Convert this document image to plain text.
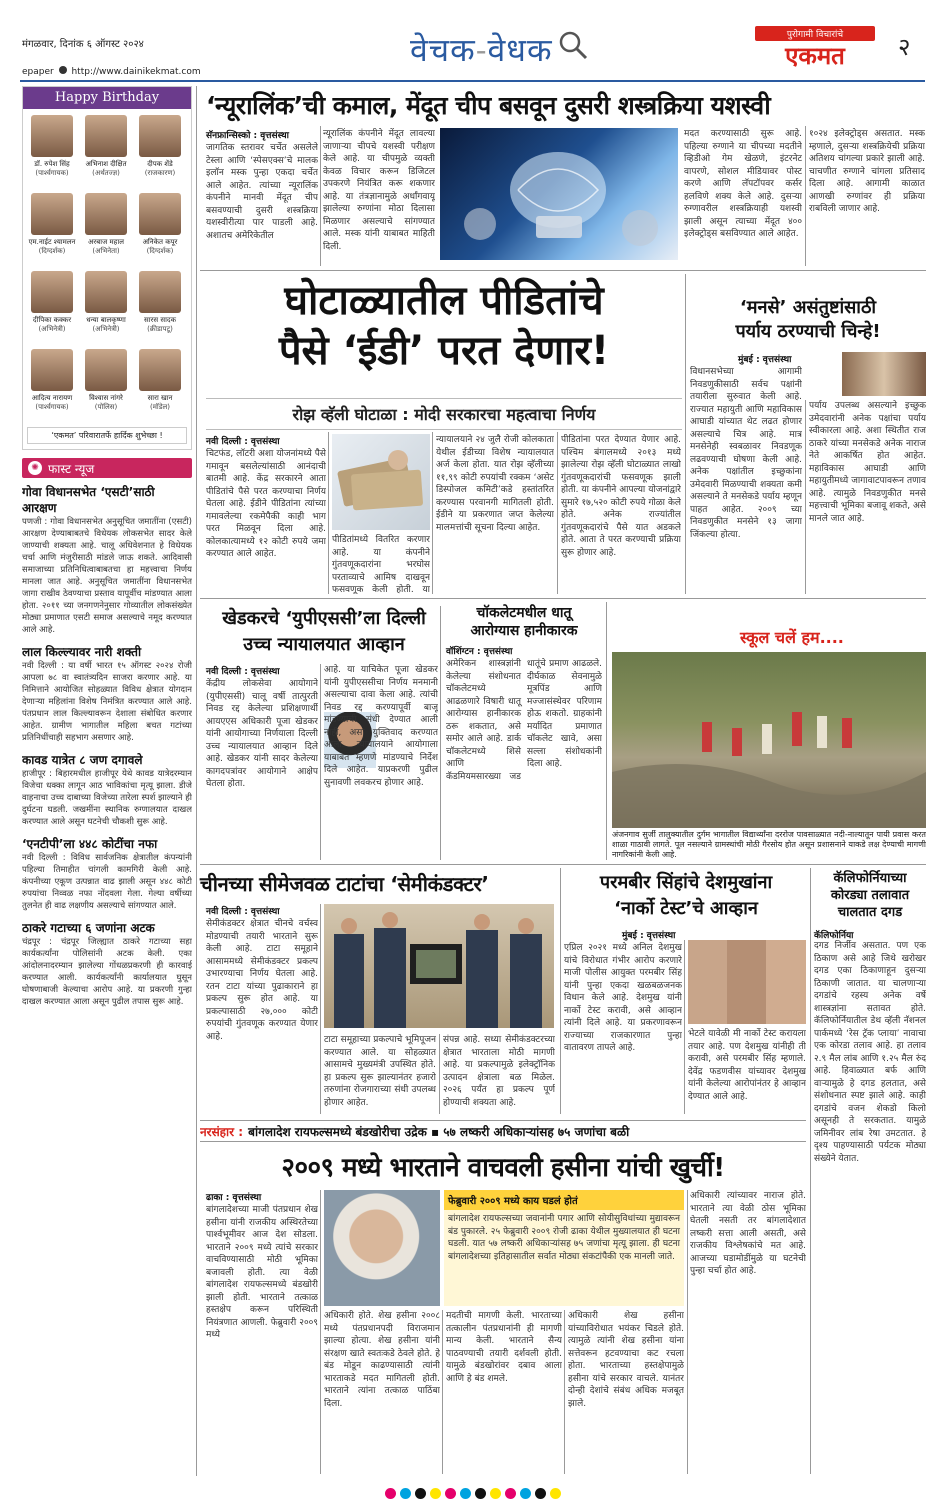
मंगळवार, दिनांक ६ ऑगस्ट २०२४
epaper http://www.dainikekmat.com
वेचक-वेधक	पुरोगामी विचारांचे
एकमत	२
Happy Birthday
डॉ. रुपेश सिंह
(पार्श्वगायक)
अभिनाश दीक्षित
(अर्थतज्ज्ञ)
दीपक शेंडे
(राजकारण)
एम.नाईट श्यामलन
(दिग्दर्शक)
अरबाज महाल
(अभिनेता)
अनिकेत कपूर
(दिग्दर्शक)
दीपिका कक्कर
(अभिनेत्री)
धन्या बालकृष्णा
(अभिनेत्री)
सारस सादक
(क्रीडापटू)
आदित्य नारायण
(पार्श्वगायक)
विश्वास नांगरे
(पोलिस)
सारा खान
(मॉडेल)
‘एकमत’ परिवारातर्फे हार्दिक शुभेच्छा !
✺ फास्ट न्यूज
गोवा विधानसभेत ‘एसटी’साठी आरक्षण
पणजी : गोवा विधानसभेत अनुसूचित जमातींना (एसटी) आरक्षण देण्याबाबतचे विधेयक लोकसभेत सादर केले जाण्याची शक्यता आहे. चालू अधिवेशनात हे विधेयक चर्चा आणि मंजुरीसाठी मांडले जाऊ शकते. आदिवासी समाजाच्या प्रतिनिधित्वाबाबतचा हा महत्त्वाचा निर्णय मानला जात आहे. अनुसूचित जमातींना विधानसभेत जागा राखीव ठेवण्याचा प्रस्ताव यापूर्वीच मांडण्यात आला होता. २०११ च्या जनगणनेनुसार गोव्यातील लोकसंख्येत मोठ्या प्रमाणात एसटी समाज असल्याचे नमूद करण्यात आले आहे.
लाल किल्ल्यावर नारी शक्ती
नवी दिल्ली : या वर्षी भारत १५ ऑगस्ट २०२४ रोजी आपला ७८ वा स्वातंत्र्यदिन साजरा करणार आहे. या निमित्ताने आयोजित सोहळ्यात विविध क्षेत्रात योगदान देणाऱ्या महिलांना विशेष निमंत्रित करण्यात आले आहे. पंतप्रधान लाल किल्ल्यावरून देशाला संबोधित करणार आहेत. ग्रामीण भागातील महिला बचत गटांच्या प्रतिनिधींचाही सहभाग असणार आहे.
कावड यात्रेत ८ जण दगावले
हाजीपूर : बिहारमधील हाजीपूर येथे कावड यात्रेदरम्यान विजेचा धक्का लागून आठ भाविकांचा मृत्यू झाला. डीजे वाहनाचा उच्च दाबाच्या विजेच्या तारेला स्पर्श झाल्याने ही दुर्घटना घडली. जखमींना स्थानिक रुग्णालयात दाखल करण्यात आले असून घटनेची चौकशी सुरू आहे.
‘एनटीपी’ला ४४८ कोटींचा नफा
नवी दिल्ली : विविध सार्वजनिक क्षेत्रातील कंपन्यांनी पहिल्या तिमाहीत चांगली कामगिरी केली आहे. कंपनीच्या एकूण उत्पन्नात वाढ झाली असून ४४८ कोटी रुपयांचा निव्वळ नफा नोंदवला गेला. गेल्या वर्षीच्या तुलनेत ही वाढ लक्षणीय असल्याचे सांगण्यात आले.
ठाकरे गटाच्या ६ जणांना अटक
चंद्रपूर : चंद्रपूर जिल्ह्यात ठाकरे गटाच्या सहा कार्यकर्त्यांना पोलिसांनी अटक केली. एका आंदोलनादरम्यान झालेल्या गोंधळप्रकरणी ही कारवाई करण्यात आली. कार्यकर्त्यांनी कार्यालयात घुसून घोषणाबाजी केल्याचा आरोप आहे. या प्रकरणी गुन्हा दाखल करण्यात आला असून पुढील तपास सुरू आहे.
‘न्यूरालिंक’ची कमाल, मेंदूत चीप बसवून दुसरी शस्त्रक्रिया यशस्वी
सॅनफ्रान्सिस्को : वृत्तसंस्था
जागतिक स्तरावर चर्चेत असलेले टेस्ला आणि ‘स्पेसएक्स’चे मालक इलॉन मस्क पुन्हा एकदा चर्चेत आले आहेत. त्यांच्या न्यूरालिंक कंपनीने मानवी मेंदूत चीप बसवण्याची दुसरी शस्त्रक्रिया यशस्वीरीत्या पार पाडली आहे. अशातच अमेरिकेतील
न्यूरालिंक कंपनीने मेंदूत लावल्या जाणाऱ्या चीपचे यशस्वी परीक्षण केले आहे. या चीपमुळे व्यक्ती केवळ विचार करून डिजिटल उपकरणे नियंत्रित करू शकणार आहे. या तंत्रज्ञानामुळे अर्धांगवायू झालेल्या रुग्णांना मोठा दिलासा मिळणार असल्याचे सांगण्यात आले. मस्क यांनी याबाबत माहिती दिली.
मदत करण्यासाठी सुरू आहे. पहिल्या रुग्णाने या चीपच्या मदतीने व्हिडीओ गेम खेळणे, इंटरनेट वापरणे, सोशल मीडियावर पोस्ट करणे आणि लॅपटॉपवर कर्सर हलविणे शक्य केले आहे. दुसऱ्या रुग्णावरील शस्त्रक्रियाही यशस्वी झाली असून त्याच्या मेंदूत ४०० इलेक्ट्रोड्‌स बसविण्यात आले आहेत.
१०२४ इलेक्ट्रोड्‌स असतात. मस्क म्हणाले, दुसऱ्या शस्त्रक्रियेची प्रक्रिया अतिशय चांगल्या प्रकारे झाली आहे. चाचणीत रुग्णाने चांगला प्रतिसाद दिला आहे. आगामी काळात आणखी रुग्णांवर ही प्रक्रिया राबविली जाणार आहे.
घोटाळ्यातील पीडितांचे
पैसे ‘ईडी’ परत देणार!
रोझ व्हॅली घोटाळा : मोदी सरकारचा महत्वाचा निर्णय
नवी दिल्ली : वृत्तसंस्था
चिटफंड, लॉटरी अशा योजनांमध्ये पैसे गमावून बसलेल्यांसाठी आनंदाची बातमी आहे. केंद्र सरकारने आता पीडितांचे पैसे परत करण्याचा निर्णय घेतला आहे. ईडीने पीडितांना त्यांच्या गमावलेल्या रकमेपैकी काही भाग परत मिळवून दिला आहे. कोलकात्यामध्ये १२ कोटी रुपये जमा करण्यात आले आहेत.
पीडितांमध्ये वितरित करणार आहे. या कंपनीने गुंतवणूकदारांना भरघोस परताव्याचे आमिष दाखवून फसवणूक केली होती. या
न्यायालयाने २४ जुलै रोजी कोलकाता येथील ईडीच्या विशेष न्यायालयात अर्ज केला होता. यात रोझ व्हॅलीच्या ११,९९ कोटी रुपयांची रक्कम ‘असेट डिस्पोजल कमिटी’कडे हस्तांतरित करण्यास परवानगी मागितली होती. ईडीने या प्रकरणात जप्त केलेल्या मालमत्तांची सूचना दिल्या आहेत.
पीडितांना परत देण्यात येणार आहे. पश्चिम बंगालमध्ये २०१३ मध्ये झालेल्या रोझ व्हॅली घोटाळ्यात लाखो गुंतवणूकदारांची फसवणूक झाली होती. या कंपनीने आपल्या योजनांद्वारे सुमारे १७,५२० कोटी रुपये गोळा केले होते. अनेक राज्यांतील गुंतवणूकदारांचे पैसे यात अडकले होते. आता ते परत करण्याची प्रक्रिया सुरू होणार आहे.
‘मनसे’ असंतुष्टांसाठी
पर्याय ठरण्याची चिन्हे!
मुंबई : वृत्तसंस्था
विधानसभेच्या आगामी निवडणुकीसाठी सर्वच पक्षांनी तयारीला सुरुवात केली आहे. राज्यात महायुती आणि महाविकास आघाडी यांच्यात थेट लढत होणार असल्याचे चित्र आहे. मात्र मनसेनेही स्वबळावर निवडणूक लढवण्याची घोषणा केली आहे. अनेक पक्षांतील इच्छुकांना उमेदवारी मिळण्याची शक्यता कमी असल्याने ते मनसेकडे पर्याय म्हणून पाहत आहेत. २००९ च्या निवडणुकीत मनसेने १३ जागा जिंकल्या होत्या.
पर्याय उपलब्ध असल्याने इच्छुक उमेदवारांनी अनेक पक्षांचा पर्याय स्वीकारला आहे. अशा स्थितीत राज ठाकरे यांच्या मनसेकडे अनेक नाराज नेते आकर्षित होत आहेत. महाविकास आघाडी आणि महायुतीमध्ये जागावाटपावरून तणाव आहे. त्यामुळे निवडणुकीत मनसे महत्त्वाची भूमिका बजावू शकते, असे मानले जात आहे.
खेडकरचे ‘युपीएससी’ला दिल्ली
उच्च न्यायालयात आव्हान
नवी दिल्ली : वृत्तसंस्था
केंद्रीय लोकसेवा आयोगाने (युपीएससी) चालू वर्षी तात्पुरती निवड रद्द केलेल्या प्रशिक्षणार्थी आयएएस अधिकारी पूजा खेडकर यांनी आयोगाच्या निर्णयाला दिल्ली उच्च न्यायालयात आव्हान दिले आहे. खेडकर यांनी सादर केलेल्या कागदपत्रांवर आयोगाने आक्षेप घेतला होता.
आहे. या याचिकेत पूजा खेडकर यांनी युपीएससीचा निर्णय मनमानी असल्याचा दावा केला आहे. त्यांची निवड रद्द करण्यापूर्वी बाजू मांडण्याची संधी देण्यात आली नाही, असा युक्तिवाद करण्यात आला. न्यायालयाने आयोगाला याबाबत म्हणणे मांडण्याचे निर्देश दिले आहेत. याप्रकरणी पुढील सुनावणी लवकरच होणार आहे.
चॉकलेटमधील धातू
आरोग्यास हानीकारक
वॉशिंग्टन : वृत्तसंस्था
अमेरिकन शास्त्रज्ञांनी केलेल्या संशोधनात चॉकलेटमध्ये आढळणारे विषारी धातू आरोग्यास हानीकारक ठरू शकतात, असे समोर आले आहे. डार्क चॉकलेटमध्ये शिसे आणि कॅडमियमसारख्या जड धातूंचे प्रमाण आढळले. दीर्घकाळ सेवनामुळे मूत्रपिंड आणि मज्जासंस्थेवर परिणाम होऊ शकतो. ग्राहकांनी मर्यादित प्रमाणात चॉकलेट खावे, असा सल्ला संशोधकांनी दिला आहे.
स्कूल चलें हम....
अंजनगाव सुर्जी तालुक्यातील दुर्गम भागातील विद्यार्थ्यांना दररोज पावसाळ्यात नदी-नाल्यातून पायी प्रवास करत शाळा गाठावी लागते. पूल नसल्याने ग्रामस्थांची मोठी गैरसोय होत असून प्रशासनाने याकडे लक्ष देण्याची मागणी नागरिकांनी केली आहे.
चीनच्या सीमेजवळ टाटांचा ‘सेमीकंडक्टर’
नवी दिल्ली : वृत्तसंस्था
सेमीकंडक्टर क्षेत्रात चीनचे वर्चस्व मोडण्याची तयारी भारताने सुरू केली आहे. टाटा समूहाने आसाममध्ये सेमीकंडक्टर प्रकल्प उभारण्याचा निर्णय घेतला आहे. रतन टाटा यांच्या पुढाकाराने हा प्रकल्प सुरू होत आहे. या प्रकल्पासाठी २७,००० कोटी रुपयांची गुंतवणूक करण्यात येणार आहे.	टाटा समूहाच्या प्रकल्पाचे भूमिपूजन करण्यात आले. या सोहळ्यात आसामचे मुख्यमंत्री उपस्थित होते. हा प्रकल्प सुरू झाल्यानंतर हजारो तरुणांना रोजगाराच्या संधी उपलब्ध होणार आहेत.
संपन्न आहे. सध्या सेमीकंडक्टरच्या क्षेत्रात भारताला मोठी मागणी आहे. या प्रकल्पामुळे इलेक्ट्रॉनिक उत्पादन क्षेत्राला बळ मिळेल. २०२६ पर्यंत हा प्रकल्प पूर्ण होण्याची शक्यता आहे.
परमबीर सिंहांचे देशमुखांना
‘नार्को टेस्ट’चे आव्हान
मुंबई : वृत्तसंस्था
एप्रिल २०२१ मध्ये अनिल देशमुख यांचे विरोधात गंभीर आरोप करणारे माजी पोलीस आयुक्त परमबीर सिंह यांनी पुन्हा एकदा खळबळजनक विधान केले आहे. देशमुख यांनी नार्को टेस्ट करावी, असे आव्हान त्यांनी दिले आहे. या प्रकरणावरून राज्याच्या राजकारणात पुन्हा वातावरण तापले आहे.
भेटले यावेळी मी नार्को टेस्ट करायला तयार आहे. पण देशमुख यांनीही ती करावी, असे परमबीर सिंह म्हणाले. देवेंद्र फडणवीस यांच्यावर देशमुख यांनी केलेल्या आरोपांनंतर हे आव्हान देण्यात आले आहे.
कॅलिफोर्नियाच्या
कोरड्या तलावात
चालतात दगड
कॅलिफोर्निया
दगड निर्जीव असतात. पण एक ठिकाण असे आहे जिथे खरोखर दगड एका ठिकाणाहून दुसऱ्या ठिकाणी जातात. या चालणाऱ्या दगडांचे रहस्य अनेक वर्षे शास्त्रज्ञांना सतावत होते. कॅलिफोर्नियातील डेथ व्हॅली नॅशनल पार्कमध्ये ‘रेस ट्रॅक प्लाया’ नावाचा एक कोरडा तलाव आहे. हा तलाव २.९ मैल लांब आणि १.२५ मैल रुंद आहे. हिवाळ्यात बर्फ आणि वाऱ्यामुळे हे दगड हलतात, असे संशोधनात स्पष्ट झाले आहे. काही दगडांचे वजन शेकडो किलो असूनही ते सरकतात. यामुळे जमिनीवर लांब रेषा उमटतात. हे दृश्य पाहण्यासाठी पर्यटक मोठ्या संख्येने येतात.
नरसंहार : बांगलादेश रायफल्समध्ये बंडखोरीचा उद्रेक ▪ ५७ लष्करी अधिकाऱ्यांसह ७५ जणांचा बळी
२००९ मध्ये भारताने वाचवली हसीना यांची खुर्ची!
ढाका : वृत्तसंस्था
बांगलादेशच्या माजी पंतप्रधान शेख हसीना यांनी राजकीय अस्थिरतेच्या पार्श्वभूमीवर आज देश सोडला. भारताने २००९ मध्ये त्यांचे सरकार वाचविण्यासाठी मोठी भूमिका बजावली होती. त्या वेळी बांगलादेश रायफल्समध्ये बंडखोरी झाली होती. भारताने तत्काळ हस्तक्षेप करून परिस्थिती नियंत्रणात आणली. फेब्रुवारी २००९ मध्ये
फेब्रुवारी २००९ मध्ये काय घडलं होतं
बांगलादेश रायफल्सच्या जवानांनी पगार आणि सोयीसुविधांच्या मुद्यावरून बंड पुकारले. २५ फेब्रुवारी २००९ रोजी ढाका येथील मुख्यालयात ही घटना घडली. यात ५७ लष्करी अधिकाऱ्यांसह ७५ जणांचा मृत्यू झाला. ही घटना बांगलादेशच्या इतिहासातील सर्वात मोठ्या संकटांपैकी एक मानली जाते.
अधिकारी होते. शेख हसीना २००८ मध्ये पंतप्रधानपदी विराजमान झाल्या होत्या. शेख हसीना यांनी संरक्षण खाते स्वतःकडे ठेवले होते. हे बंड मोडून काढण्यासाठी त्यांनी भारताकडे मदत मागितली होती. भारताने त्यांना तत्काळ पाठिंबा दिला.
मदतीची मागणी केली. भारताच्या तत्कालीन पंतप्रधानांनी ही मागणी मान्य केली. भारताने सैन्य पाठवण्याची तयारी दर्शवली होती. यामुळे बंडखोरांवर दबाव आला आणि हे बंड शमले.
अधिकारी शेख हसीना यांच्याविरोधात भयंकर चिडले होते. त्यामुळे त्यांनी शेख हसीना यांना सत्तेवरून हटवण्याचा कट रचला होता. भारताच्या हस्तक्षेपामुळे हसीना यांचे सरकार वाचले. यानंतर दोन्ही देशांचे संबंध अधिक मजबूत झाले.
अधिकारी त्यांच्यावर नाराज होते. भारताने त्या वेळी ठोस भूमिका घेतली नसती तर बांगलादेशात लष्करी सत्ता आली असती, असे राजकीय विश्लेषकांचे मत आहे. आजच्या घडामोडींमुळे या घटनेची पुन्हा चर्चा होत आहे.
